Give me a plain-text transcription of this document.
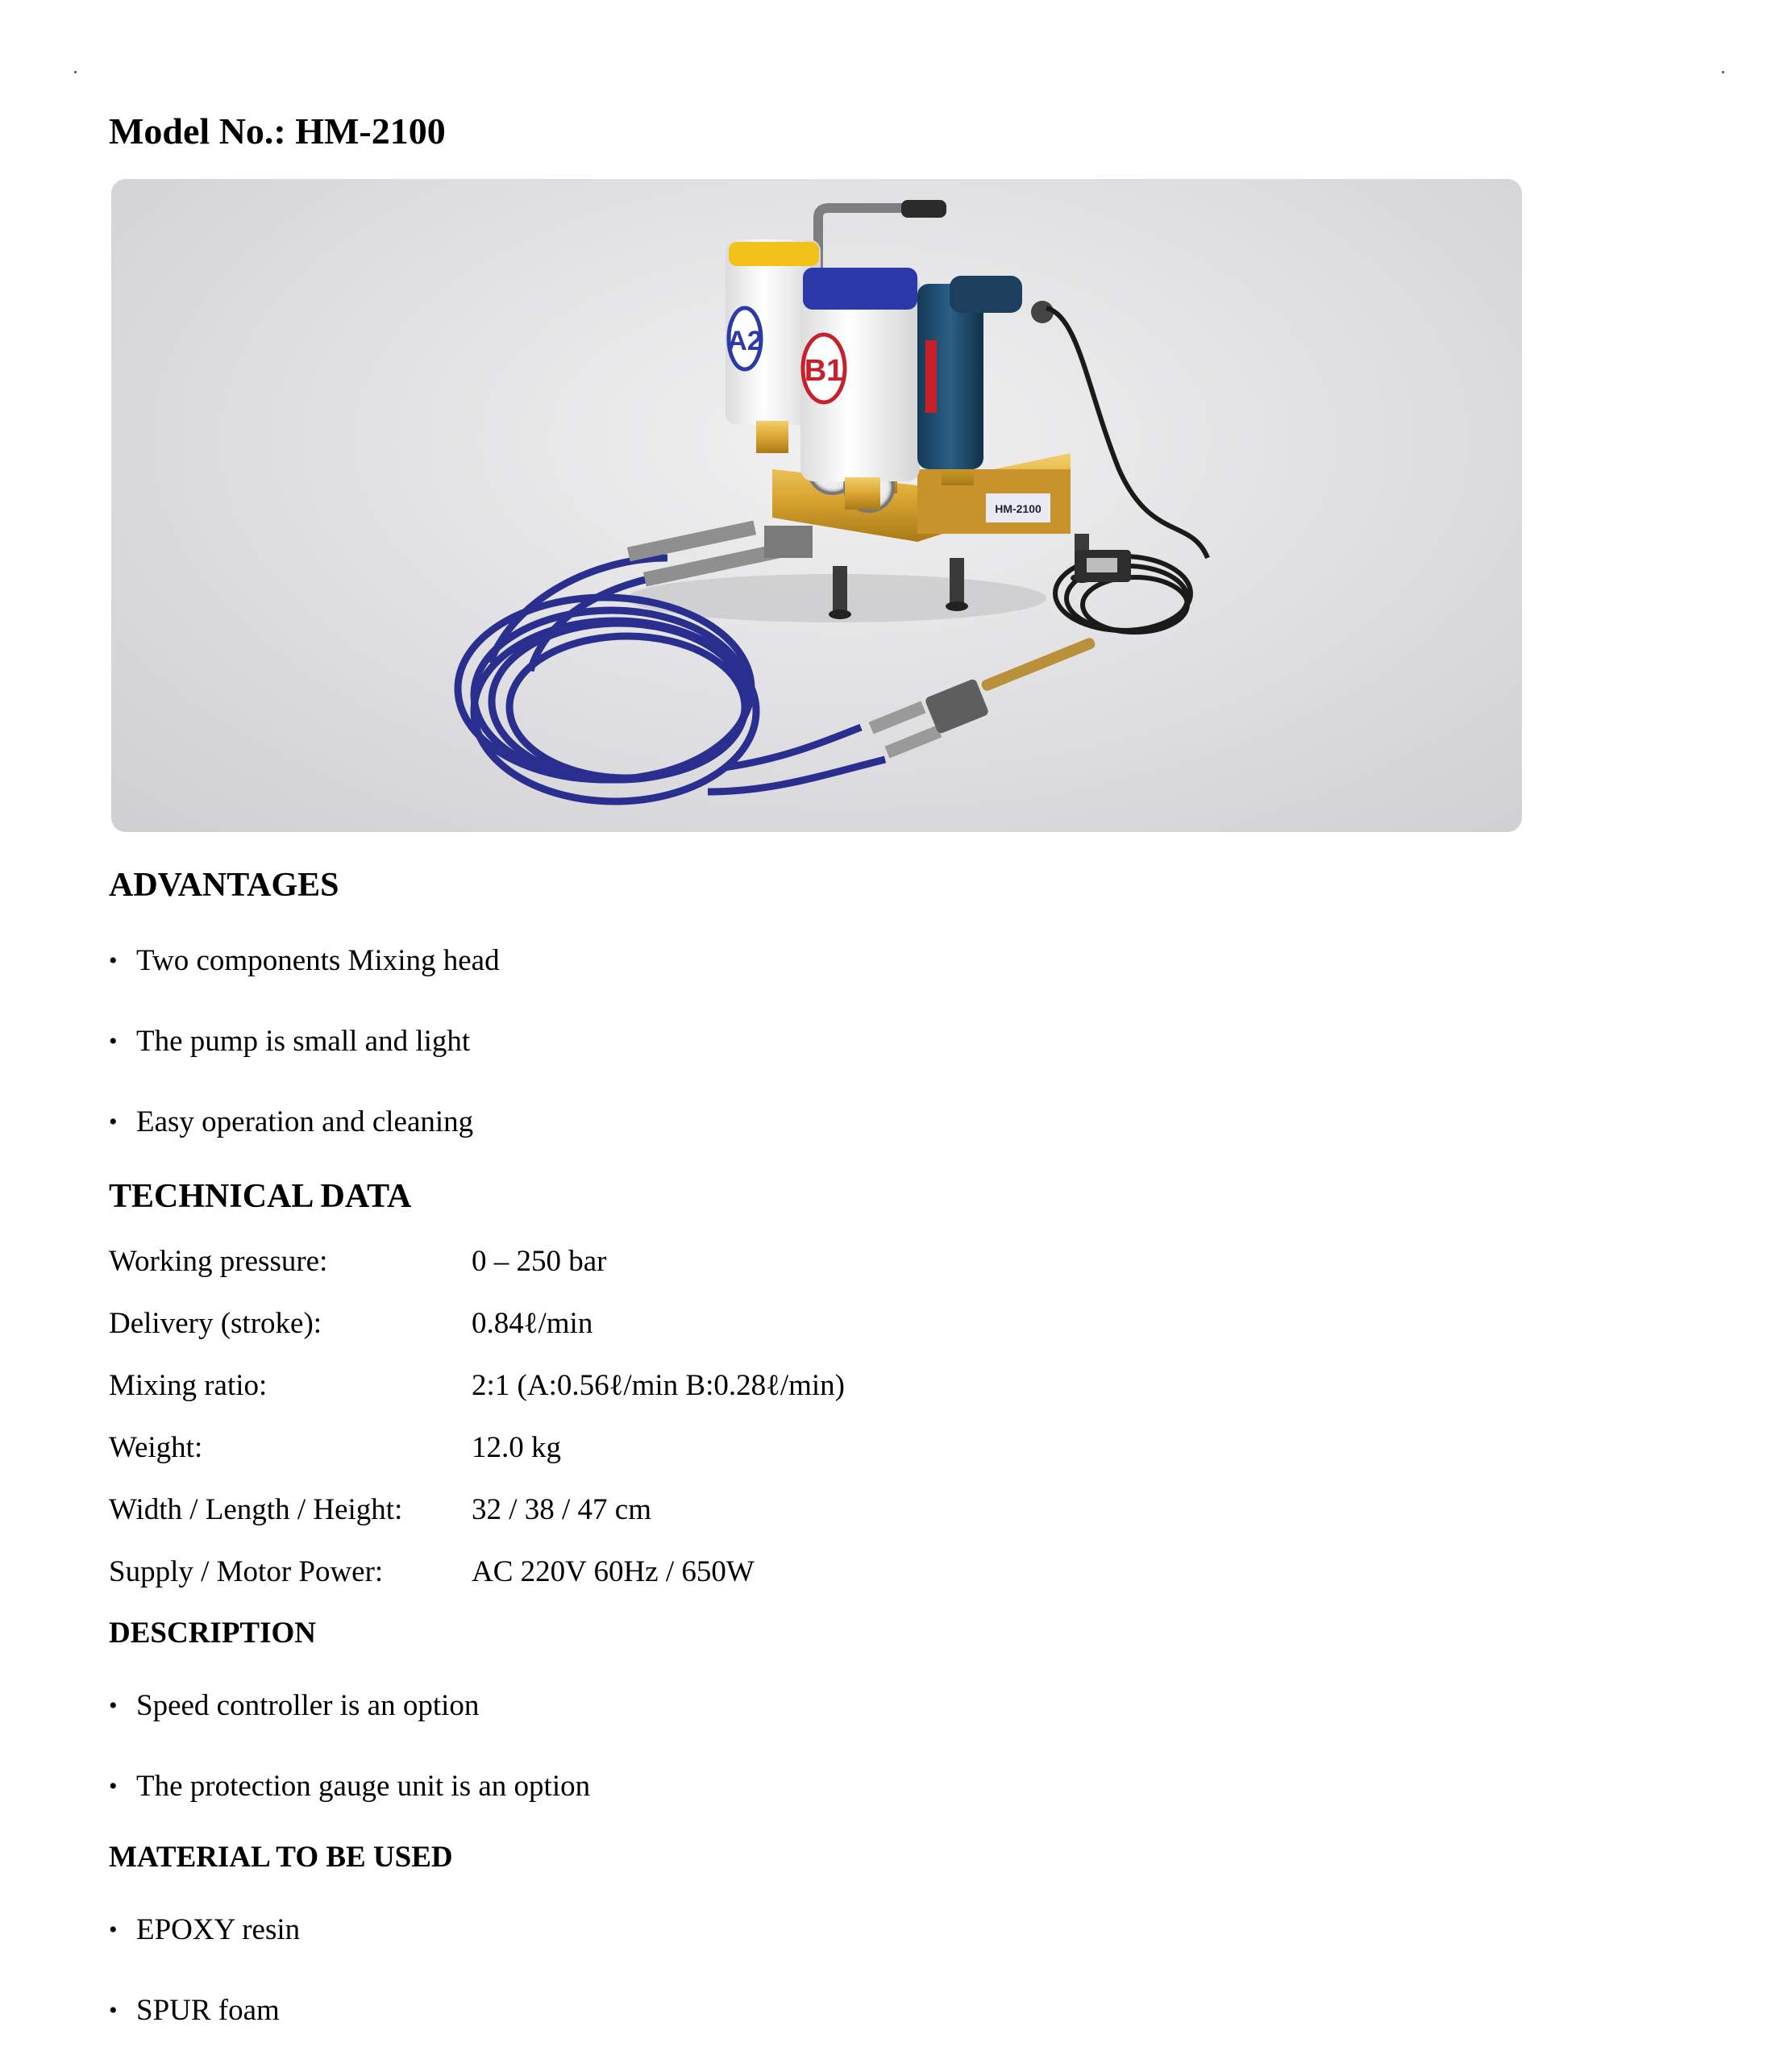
Model No.: HM-2100
HM-2100
A2
B1
ADVANTAGES
• Two components Mixing head
• The pump is small and light
• Easy operation and cleaning
TECHNICAL DATA
Working pressure:	0 – 250 bar
Delivery (stroke):	0.84ℓ/min
Mixing ratio:	2:1 (A:0.56ℓ/min B:0.28ℓ/min)
Weight:	12.0 kg
Width / Length / Height:	32 / 38 / 47 cm
Supply / Motor Power:	AC 220V 60Hz / 650W
DESCRIPTION
• Speed controller is an option
• The protection gauge unit is an option
MATERIAL TO BE USED
• EPOXY resin
• SPUR foam
